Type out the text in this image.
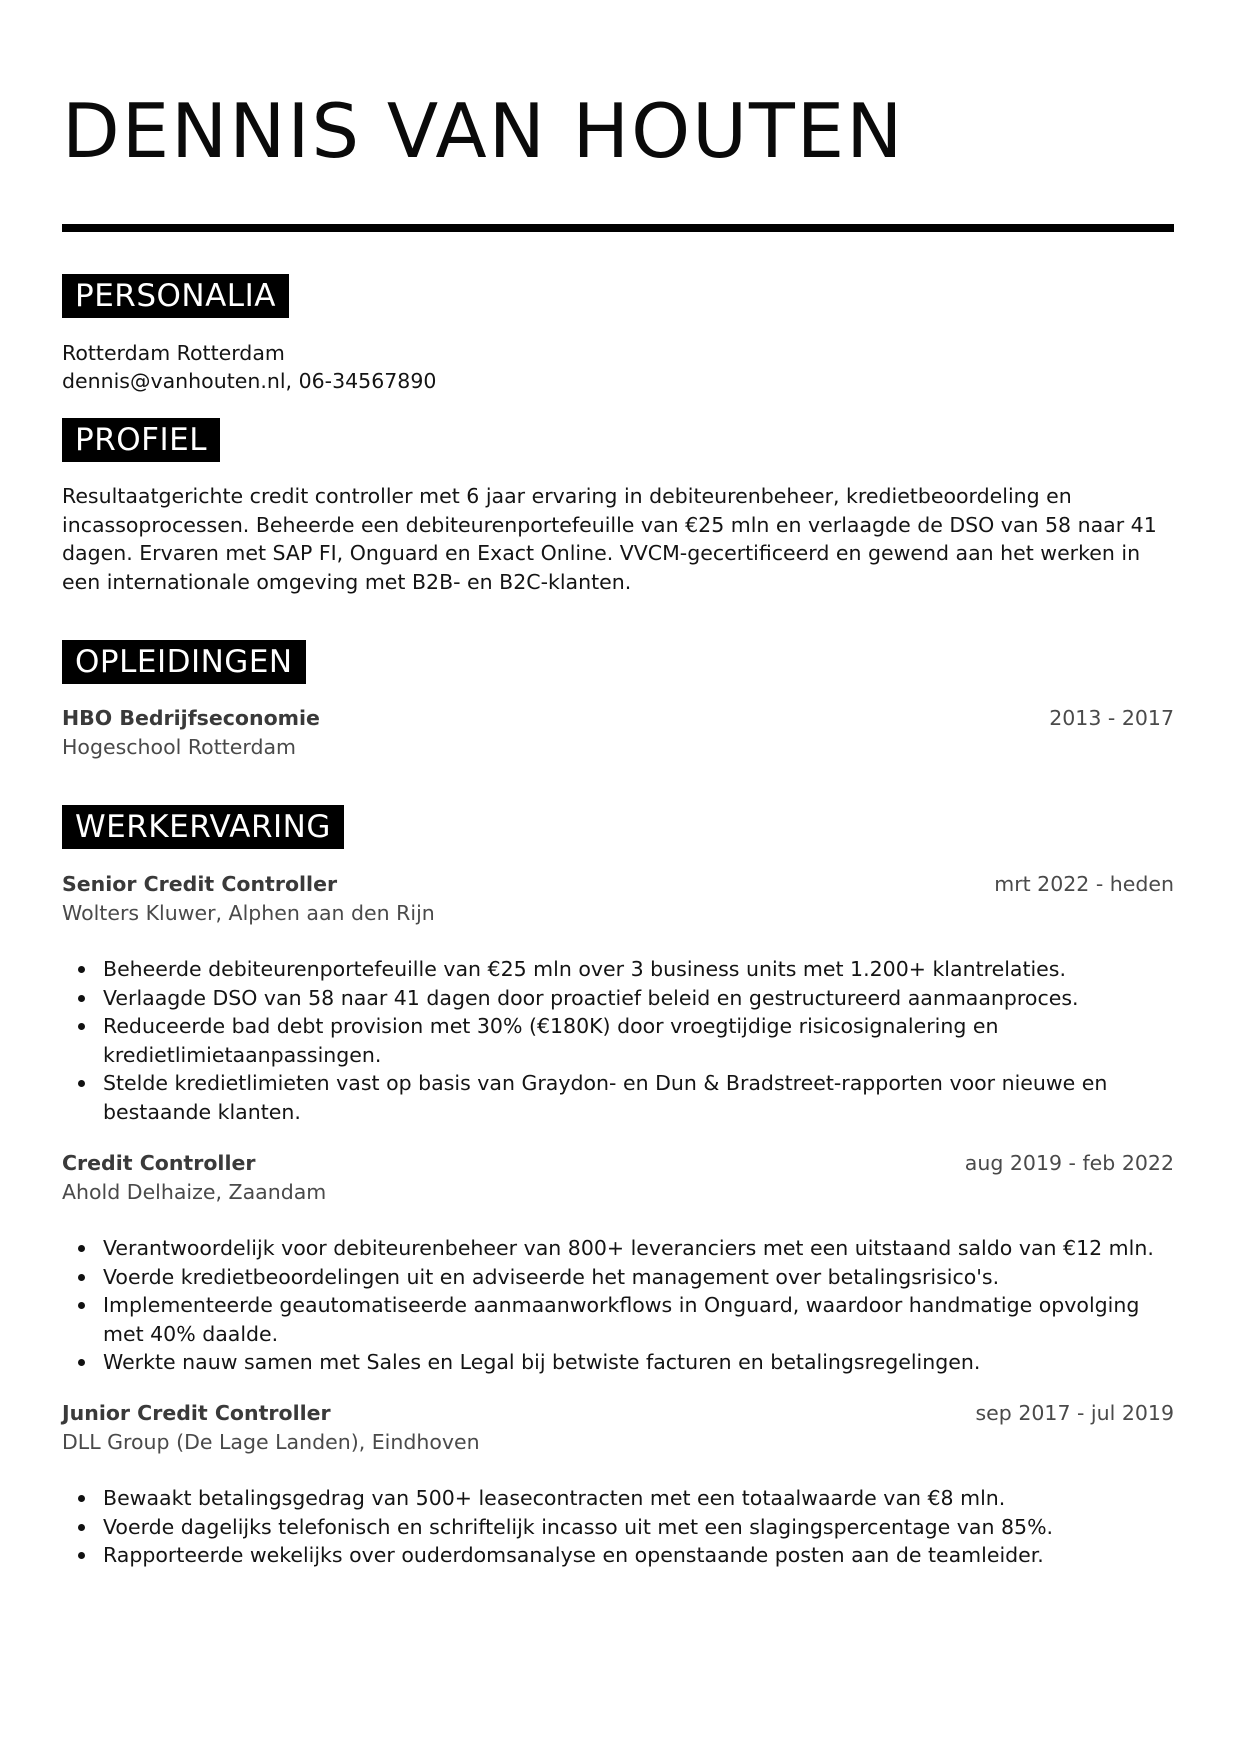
DENNIS VAN HOUTEN
PERSONALIA
Rotterdam Rotterdam
dennis@vanhouten.nl, 06-34567890
PROFIEL

Resultaatgerichte credit controller met 6 jaar ervaring in debiteurenbeheer, kredietbeoordeling en incassoprocessen. Beheerde een debiteurenportefeuille van €25 mln en verlaagde de DSO van 58 naar 41 dagen. Ervaren met SAP FI, Onguard en Exact Online. VVCM-gecertificeerd en gewend aan het werken in een internationale omgeving met B2B- en B2C-klanten.

OPLEIDINGEN
HBO Bedrijfseconomie	2013 - 2017
Hogeschool Rotterdam
WERKERVARING
Senior Credit Controller	mrt 2022 - heden
Wolters Kluwer, Alphen aan den Rijn
Beheerde debiteurenportefeuille van €25 mln over 3 business units met 1.200+ klantrelaties.
Verlaagde DSO van 58 naar 41 dagen door proactief beleid en gestructureerd aanmaanproces.
Reduceerde bad debt provision met 30% (€180K) door vroegtijdige risicosignalering en kredietlimietaanpassingen.
Stelde kredietlimieten vast op basis van Graydon- en Dun & Bradstreet-rapporten voor nieuwe en bestaande klanten.
Credit Controller	aug 2019 - feb 2022
Ahold Delhaize, Zaandam
Verantwoordelijk voor debiteurenbeheer van 800+ leveranciers met een uitstaand saldo van €12 mln.
Voerde kredietbeoordelingen uit en adviseerde het management over betalingsrisico's.
Implementeerde geautomatiseerde aanmaanworkflows in Onguard, waardoor handmatige opvolging met 40% daalde.
Werkte nauw samen met Sales en Legal bij betwiste facturen en betalingsregelingen.
Junior Credit Controller	sep 2017 - jul 2019
DLL Group (De Lage Landen), Eindhoven
Bewaakt betalingsgedrag van 500+ leasecontracten met een totaalwaarde van €8 mln.
Voerde dagelijks telefonisch en schriftelijk incasso uit met een slagingspercentage van 85%.
Rapporteerde wekelijks over ouderdomsanalyse en openstaande posten aan de teamleider.
